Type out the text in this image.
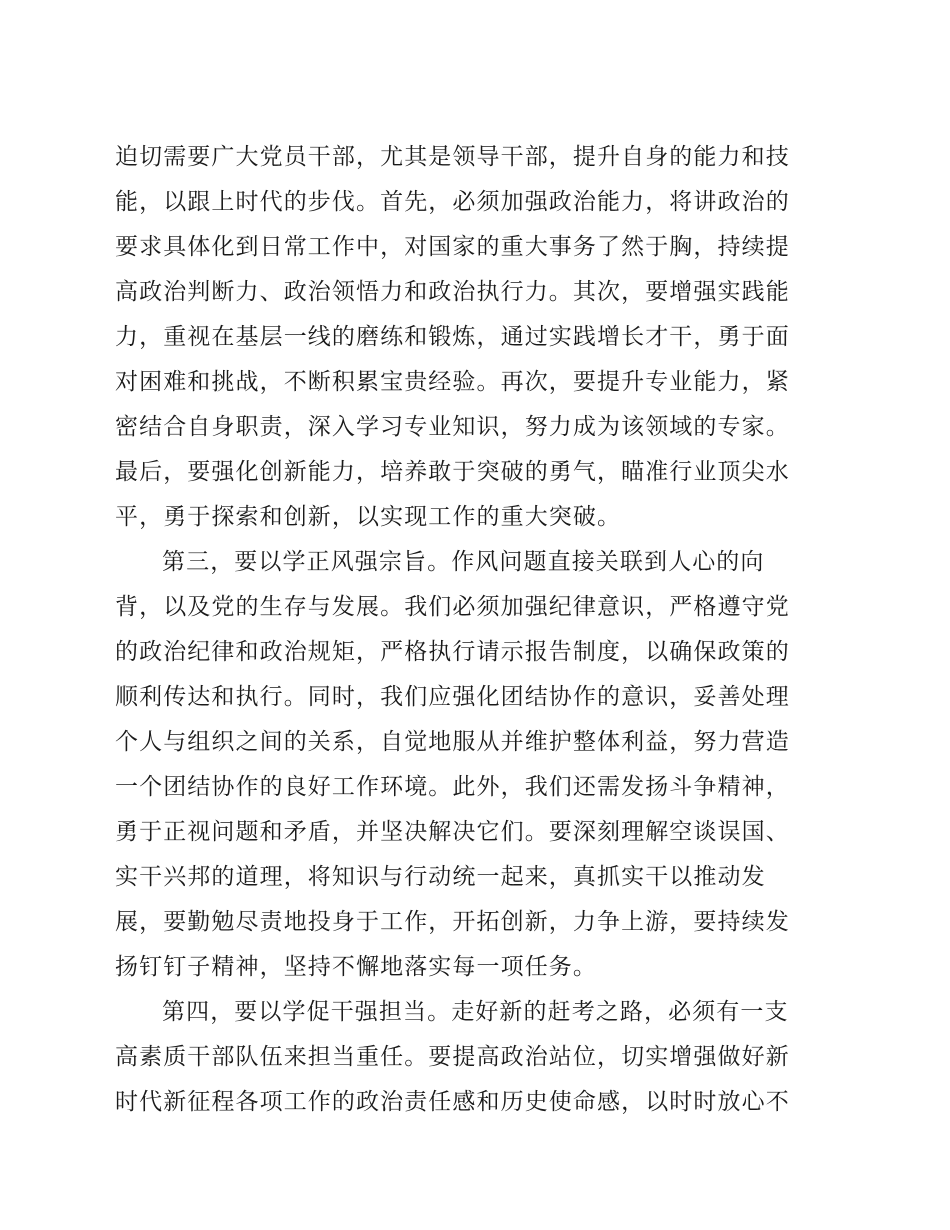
迫切需要广大党员干部，尤其是领导干部，提升自身的能力和技
能，以跟上时代的步伐。首先，必须加强政治能力，将讲政治的
要求具体化到日常工作中，对国家的重大事务了然于胸，持续提
高政治判断力、政治领悟力和政治执行力。其次，要增强实践能
力，重视在基层一线的磨练和锻炼，通过实践增长才干，勇于面
对困难和挑战，不断积累宝贵经验。再次，要提升专业能力，紧
密结合自身职责，深入学习专业知识，努力成为该领域的专家。
最后，要强化创新能力，培养敢于突破的勇气，瞄准行业顶尖水
平，勇于探索和创新，以实现工作的重大突破。
第三，要以学正风强宗旨。作风问题直接关联到人心的向
背，以及党的生存与发展。我们必须加强纪律意识，严格遵守党
的政治纪律和政治规矩，严格执行请示报告制度，以确保政策的
顺利传达和执行。同时，我们应强化团结协作的意识，妥善处理
个人与组织之间的关系，自觉地服从并维护整体利益，努力营造
一个团结协作的良好工作环境。此外，我们还需发扬斗争精神，
勇于正视问题和矛盾，并坚决解决它们。要深刻理解空谈误国、
实干兴邦的道理，将知识与行动统一起来，真抓实干以推动发
展，要勤勉尽责地投身于工作，开拓创新，力争上游，要持续发
扬钉钉子精神，坚持不懈地落实每一项任务。
第四，要以学促干强担当。走好新的赶考之路，必须有一支
高素质干部队伍来担当重任。要提高政治站位，切实增强做好新
时代新征程各项工作的政治责任感和历史使命感，以时时放心不
